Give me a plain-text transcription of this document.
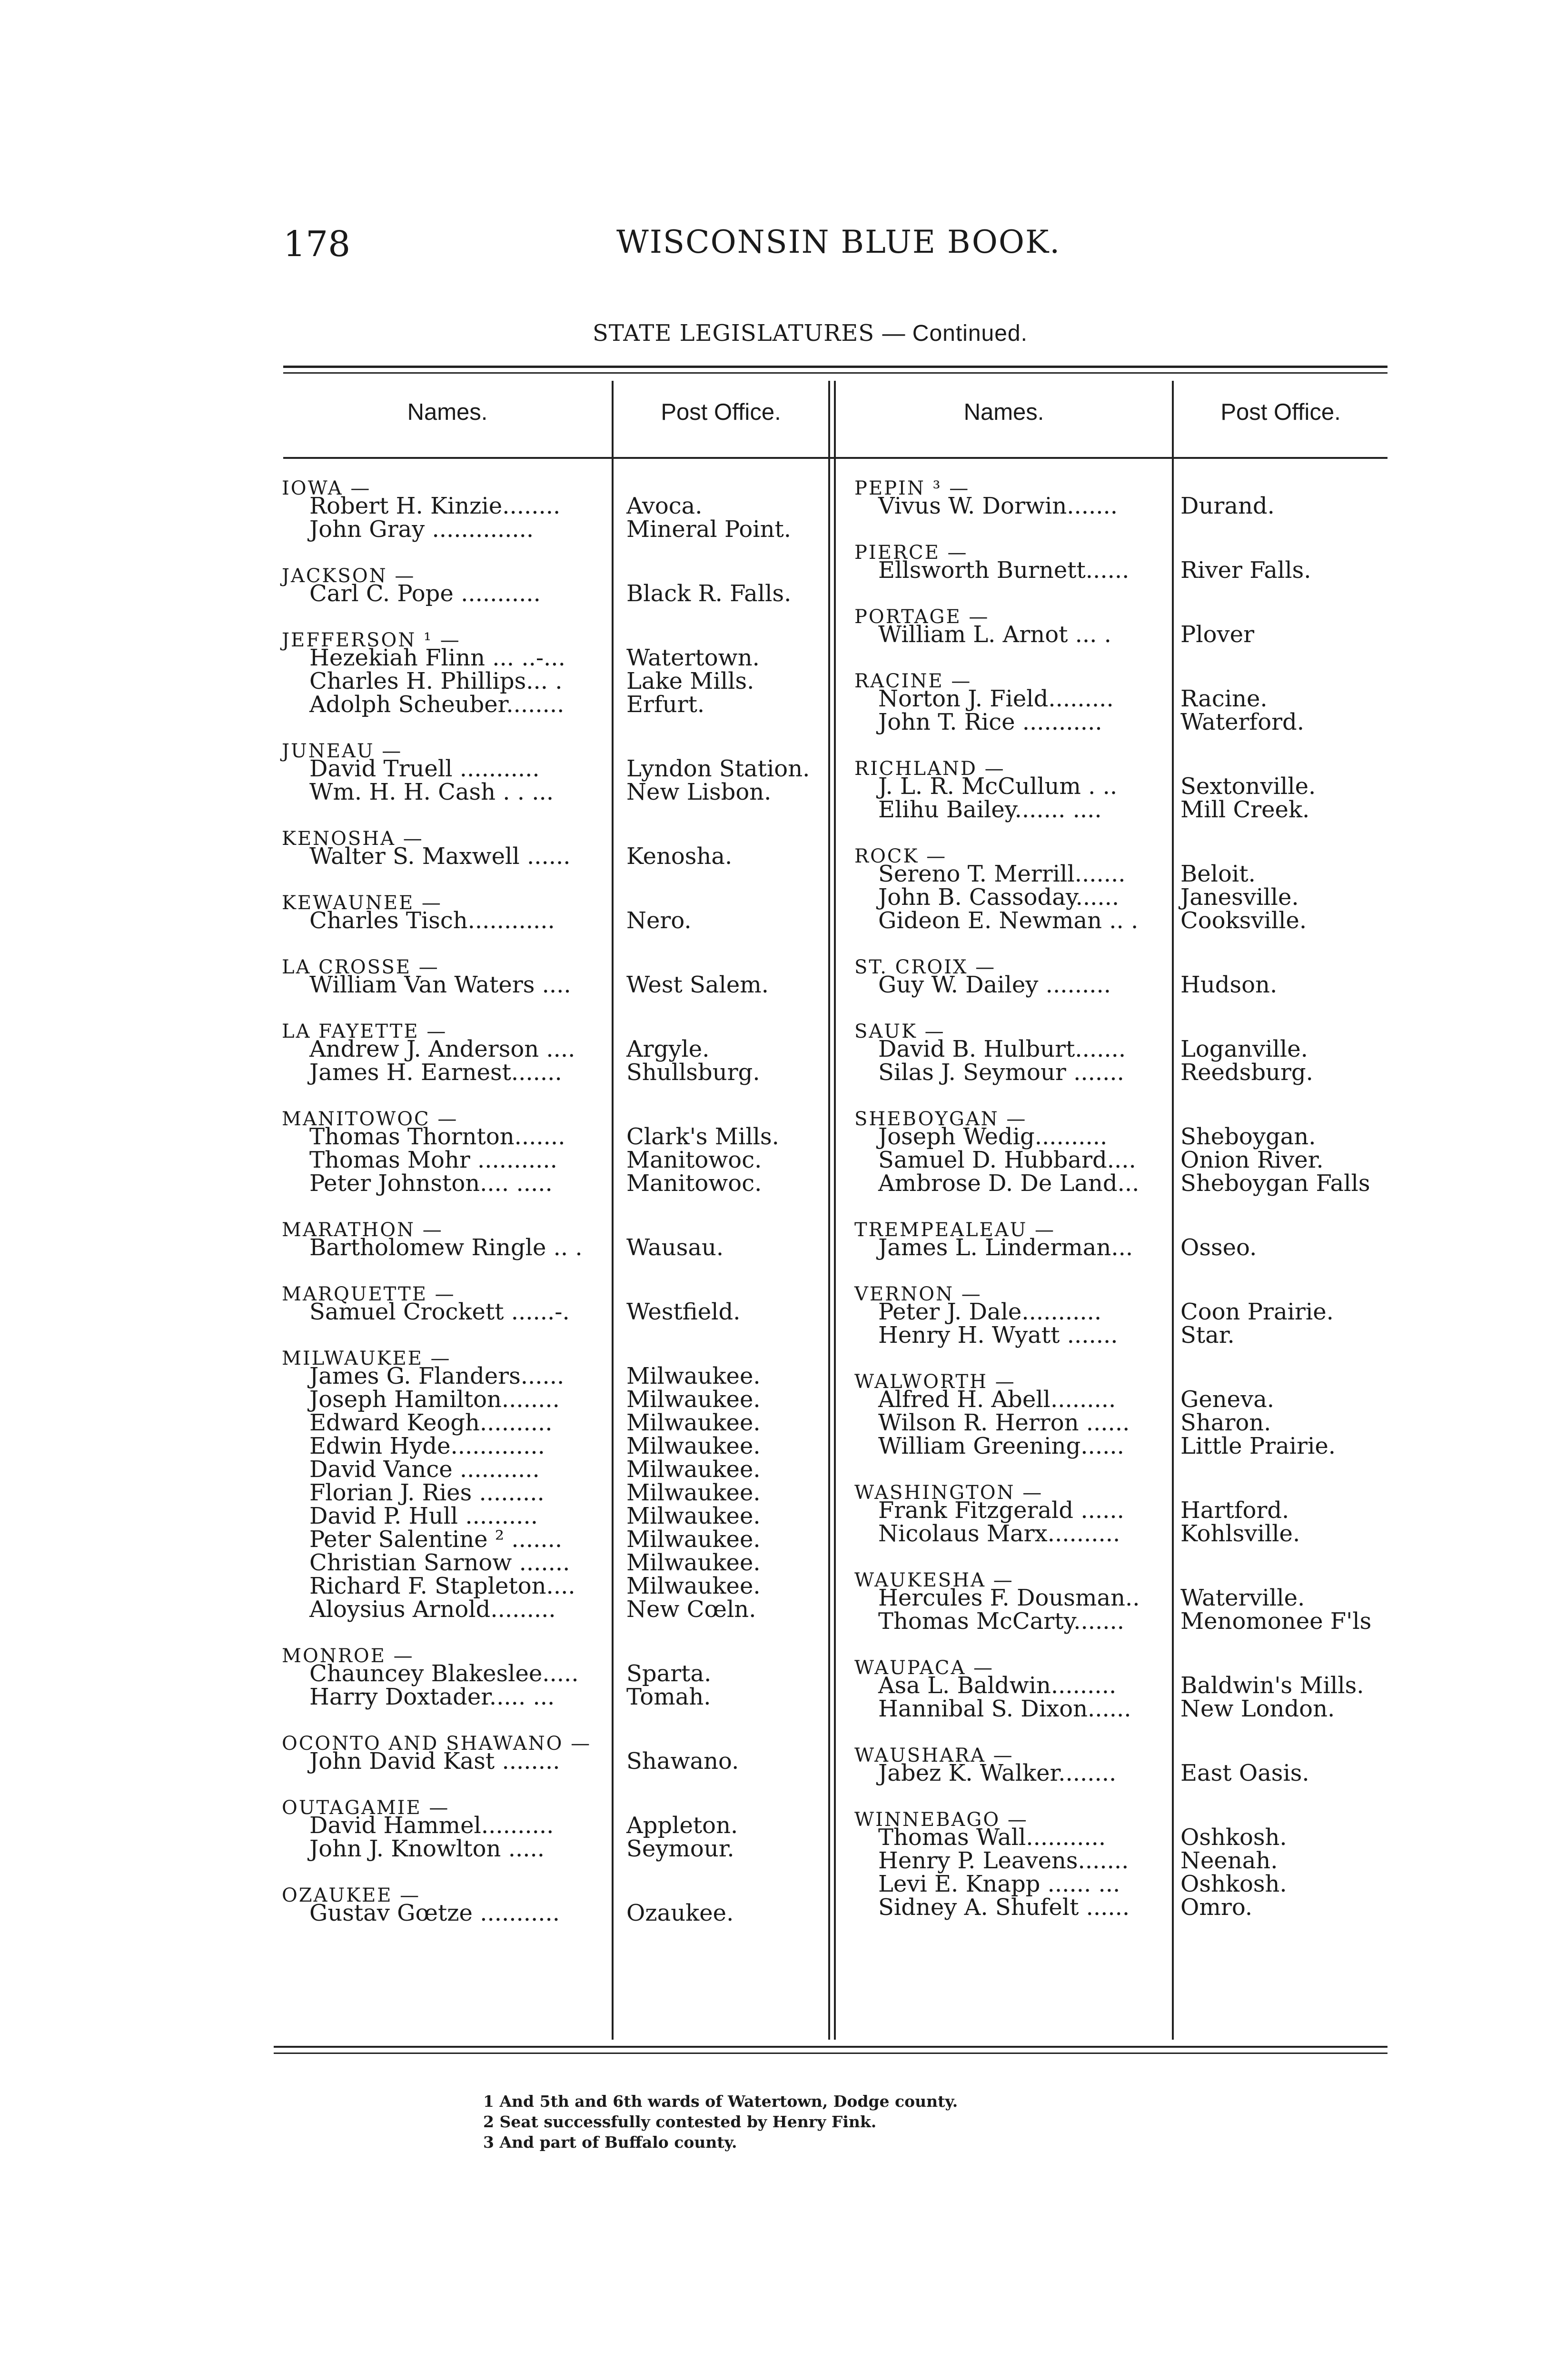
178	WISCONSIN BLUE BOOK.
STATE LEGISLATURES — Continued.
Names.	Post Office.	Names.	Post Office.
IOWA —
Robert H. Kinzie........	Avoca.
John Gray ..............	Mineral Point.
JACKSON —
Carl C. Pope ...........	Black R. Falls.
JEFFERSON ¹ —
Hezekiah Flinn ... ..-...	Watertown.
Charles H. Phillips... .	Lake Mills.
Adolph Scheuber........	Erfurt.
JUNEAU —
David Truell ...........	Lyndon Station.
Wm. H. H. Cash . . ...	New Lisbon.
KENOSHA —
Walter S. Maxwell ...... Kenosha.
KEWAUNEE —
Charles Tisch............	Nero.
LA CROSSE —
William Van Waters .... West Salem.
LA FAYETTE —
Andrew J. Anderson .... Argyle.
James H. Earnest.......	Shullsburg.
MANITOWOC —
Thomas Thornton.......	Clark's Mills.
Thomas Mohr ...........	Manitowoc.
Peter Johnston.... .....	Manitowoc.
MARATHON —
Bartholomew Ringle .. . Wausau.
MARQUETTE —
Samuel Crockett ......-. Westfield.
MILWAUKEE —
James G. Flanders......	Milwaukee.
Joseph Hamilton........	Milwaukee.
Edward Keogh..........	Milwaukee.
Edwin Hyde.............	Milwaukee.
David Vance ...........	Milwaukee.
Florian J. Ries .........	Milwaukee.
David P. Hull ..........	Milwaukee.
Peter Salentine ² .......	Milwaukee.
Christian Sarnow ....... Milwaukee.
Richard F. Stapleton.... Milwaukee.
Aloysius Arnold.........	New Cœln.
MONROE —
Chauncey Blakeslee..... Sparta.
Harry Doxtader..... ...	Tomah.
OCONTO AND SHAWANO —
John David Kast ........	Shawano.
OUTAGAMIE —
David Hammel..........	Appleton.
John J. Knowlton .....	Seymour.
OZAUKEE —
Gustav Gœtze ...........	Ozaukee.
PEPIN ³ —
Vivus W. Dorwin.......	Durand.
PIERCE —
Ellsworth Burnett...... River Falls.
PORTAGE —
William L. Arnot ... .	Plover
RACINE —
Norton J. Field.........	Racine.
John T. Rice ...........	Waterford.
RICHLAND —
J. L. R. McCullum . ..	Sextonville.
Elihu Bailey....... ....	Mill Creek.
ROCK —
Sereno T. Merrill....... Beloit.
John B. Cassoday......	Janesville.
Gideon E. Newman .. . Cooksville.
ST. CROIX —
Guy W. Dailey .........	Hudson.
SAUK —
David B. Hulburt....... Loganville.
Silas J. Seymour ....... Reedsburg.
SHEBOYGAN —
Joseph Wedig..........	Sheboygan.
Samuel D. Hubbard.... Onion River.
Ambrose D. De Land... Sheboygan Falls
TREMPEALEAU —
James L. Linderman... Osseo.
VERNON —
Peter J. Dale...........	Coon Prairie.
Henry H. Wyatt .......	Star.
WALWORTH —
Alfred H. Abell.........	Geneva.
Wilson R. Herron ...... Sharon.
William Greening...... Little Prairie.
WASHINGTON —
Frank Fitzgerald ...... Hartford.
Nicolaus Marx..........	Kohlsville.
WAUKESHA —
Hercules F. Dousman.. Waterville.
Thomas McCarty....... Menomonee F'ls
WAUPACA —
Asa L. Baldwin.........	Baldwin's Mills.
Hannibal S. Dixon...... New London.
WAUSHARA —
Jabez K. Walker........	East Oasis.
WINNEBAGO —
Thomas Wall...........	Oshkosh.
Henry P. Leavens....... Neenah.
Levi E. Knapp ...... ...	Oshkosh.
Sidney A. Shufelt ...... Omro.
1 And 5th and 6th wards of Watertown, Dodge county.
2 Seat successfully contested by Henry Fink.
3 And part of Buffalo county.
